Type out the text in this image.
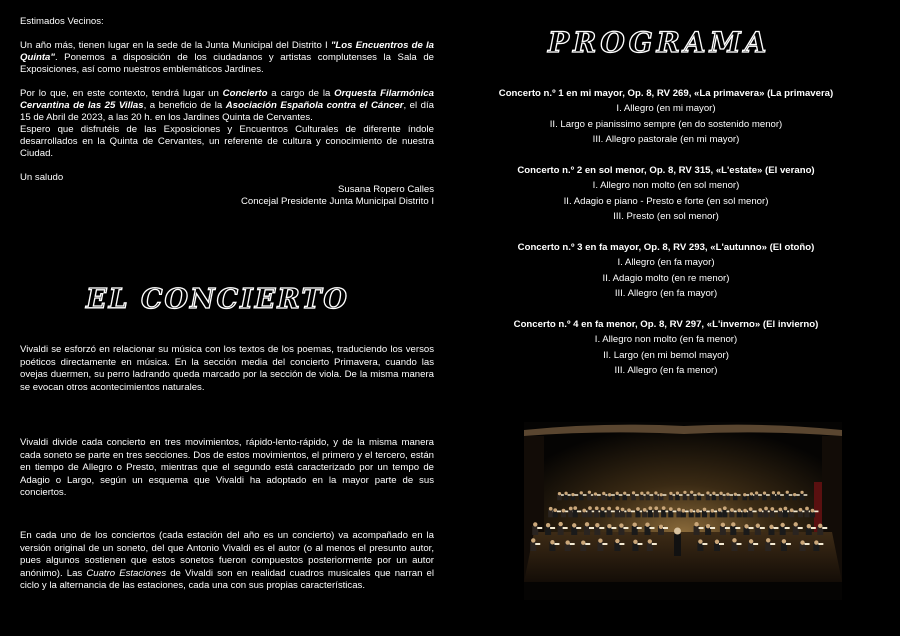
Estimados Vecinos:

Un año más, tienen lugar en la sede de la Junta Municipal del Distrito I "Los Encuentros de la Quinta". Ponemos a disposición de los ciudadanos y artistas complutenses la Sala de Exposiciones, así como nuestros emblemáticos Jardines.

Por lo que, en este contexto, tendrá lugar un Concierto a cargo de la Orquesta Filarmónica Cervantina de las 25 Villas, a beneficio de la Asociación Española contra el Cáncer, el día 15 de Abril de 2023, a las 20 h. en los Jardines Quinta de Cervantes.

Espero que disfrutéis de las Exposiciones y Encuentros Culturales de diferente índole desarrollados en la Quinta de Cervantes, un referente de cultura y conocimiento de nuestra Ciudad.

Un saludo

Susana Ropero Calles

Concejal Presidente Junta Municipal Distrito I

EL CONCIERTO

Vivaldi se esforzó en relacionar su música con los textos de los poemas, traduciendo los versos poéticos directamente en música. En la sección media del concierto Primavera, cuando las ovejas duermen, su perro ladrando queda marcado por la sección de viola. De la misma manera se evocan otros acontecimientos naturales.

Vivaldi divide cada concierto en tres movimientos, rápido-lento-rápido, y de la misma manera cada soneto se parte en tres secciones. Dos de estos movimientos, el primero y el tercero, están en tiempo de Allegro o Presto, mientras que el segundo está caracterizado por un tempo de Adagio o Largo, según un esquema que Vivaldi ha adoptado en la mayor parte de sus conciertos.

En cada uno de los conciertos (cada estación del año es un concierto) va acompañado en la versión original de un soneto, del que Antonio Vivaldi es el autor (o al menos el presunto autor, pues algunos sostienen que estos sonetos fueron compuestos posteriormente por un autor anónimo). Las Cuatro Estaciones de Vivaldi son en realidad cuadros musicales que narran el ciclo y la alternancia de las estaciones, cada una con sus propias características.

PROGRAMA
Concerto n.º 1 en mi mayor, Op. 8, RV 269, «La primavera» (La primavera)
I. Allegro (en mi mayor)
II. Largo e pianissimo sempre (en do sostenido menor)
III. Allegro pastorale (en mi mayor)
Concerto n.º 2 en sol menor, Op. 8, RV 315, «L'estate» (El verano)
I. Allegro non molto (en sol menor)
II. Adagio e piano - Presto e forte (en sol menor)
III. Presto (en sol menor)
Concerto n.º 3 en fa mayor, Op. 8, RV 293, «L'autunno» (El otoño)
I. Allegro (en fa mayor)
II. Adagio molto (en re menor)
III. Allegro (en fa mayor)
Concerto n.º 4 en fa menor, Op. 8, RV 297, «L'inverno» (El invierno)
I. Allegro non molto (en fa menor)
II. Largo (en mi bemol mayor)
III. Allegro (en fa menor)
